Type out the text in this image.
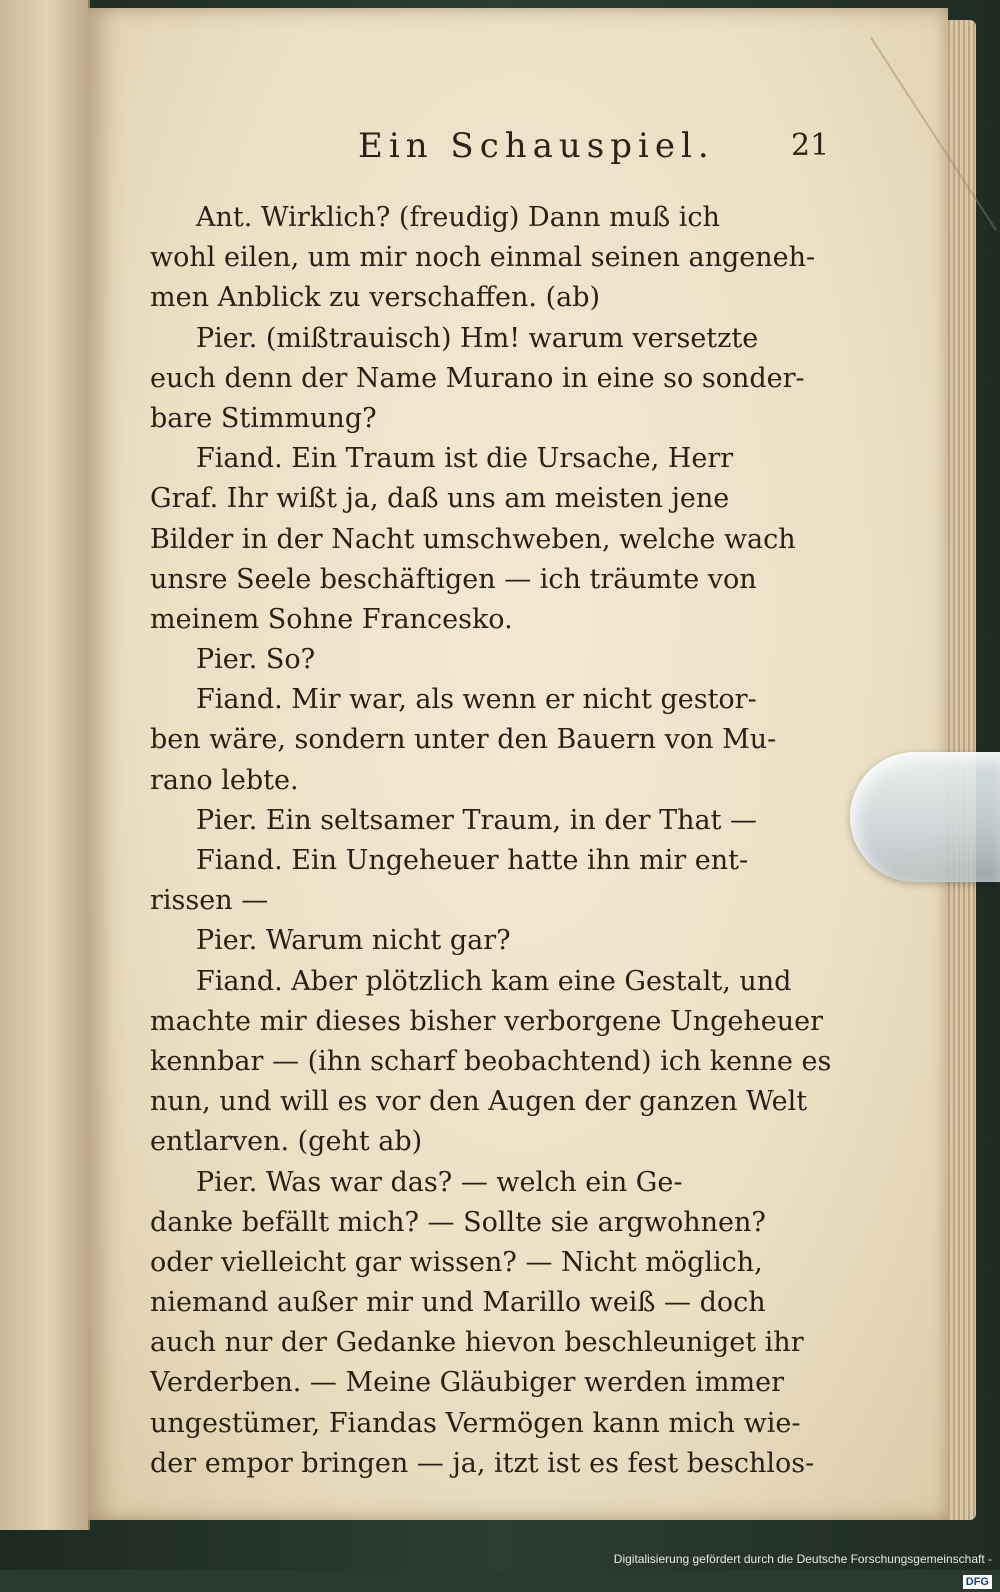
Ein Schauspiel.	21
Ant. Wirklich? (freudig) Dann muß ich
wohl eilen, um mir noch einmal seinen angeneh-
men Anblick zu verschaffen. (ab)
Pier. (mißtrauisch) Hm! warum versetzte
euch denn der Name Murano in eine so sonder-
bare Stimmung?
Fiand. Ein Traum ist die Ursache, Herr
Graf. Ihr wißt ja, daß uns am meisten jene
Bilder in der Nacht umschweben, welche wach
unsre Seele beschäftigen — ich träumte von
meinem Sohne Francesko.
Pier. So?
Fiand. Mir war, als wenn er nicht gestor-
ben wäre, sondern unter den Bauern von Mu-
rano lebte.
Pier. Ein seltsamer Traum, in der That —
Fiand. Ein Ungeheuer hatte ihn mir ent-
rissen —
Pier. Warum nicht gar?
Fiand. Aber plötzlich kam eine Gestalt, und
machte mir dieses bisher verborgene Ungeheuer
kennbar — (ihn scharf beobachtend) ich kenne es
nun, und will es vor den Augen der ganzen Welt
entlarven. (geht ab)
Pier. Was war das? — welch ein Ge-
danke befällt mich? — Sollte sie argwohnen?
oder vielleicht gar wissen? — Nicht möglich,
niemand außer mir und Marillo weiß — doch
auch nur der Gedanke hievon beschleuniget ihr
Verderben. — Meine Gläubiger werden immer
ungestümer, Fiandas Vermögen kann mich wie-
der empor bringen — ja, itzt ist es fest beschlos-
Digitalisierung gefördert durch die Deutsche Forschungsgemeinschaft - DFG
